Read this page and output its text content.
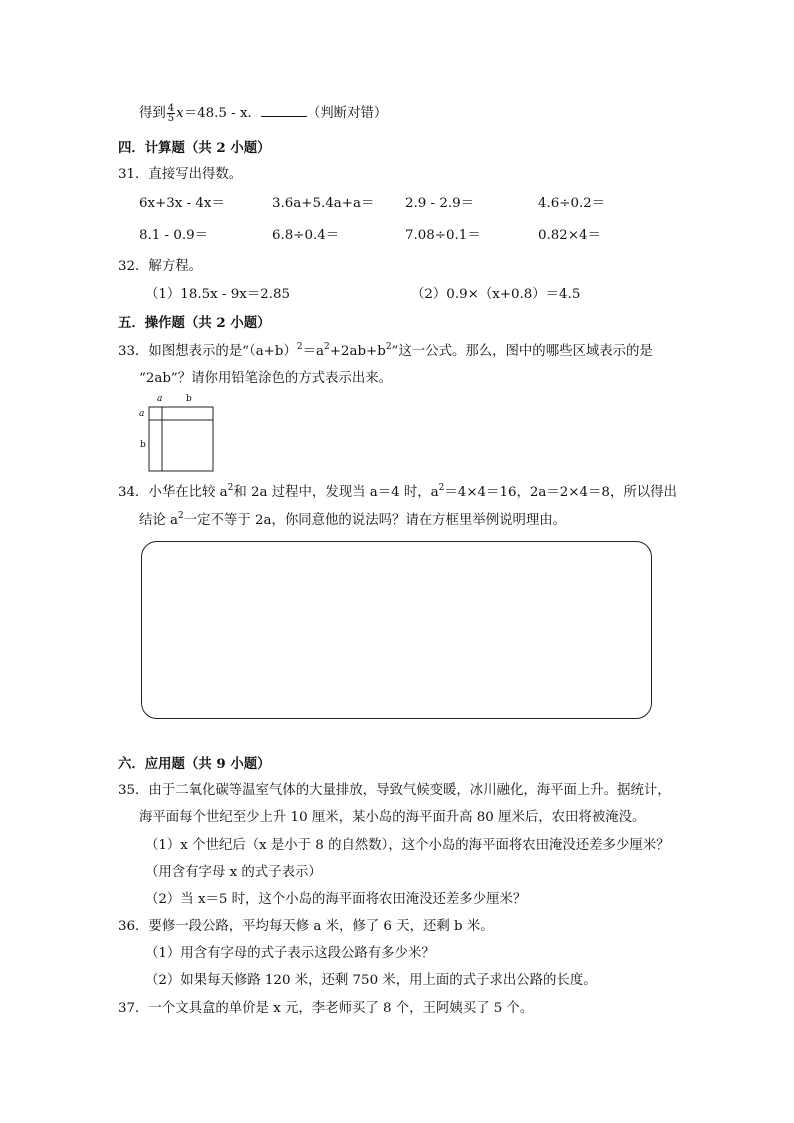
得到 $\frac{4}{5} x=48.5 - x$．	（判断对错）
四．计算题（共 2 小题）
31．直接写出得数。
6x+3x - 4x＝	3.6a+5.4a+a＝ 2.9 - 2.9＝	4.6÷0.2＝
8.1 - 0.9＝	6.8÷0.4＝	7.08÷0.1＝	0.82×4＝
32．解方程。
（1）18.5x - 9x＝2.85	（2）0.9×（x+0.8）＝4.5
五．操作题（共 2 小题）
33．如图想表示的是“$(a+b)^2=a^2+2ab+b^2$”这一公式。那么，图中的哪些区域表示的是
“2ab”？请你用铅笔涂色的方式表示出来。
a	b
a
b
34．小华在比较 $a^2$和 2a 过程中，发现当 a＝4 时，$a^2=4\times 4=16$，2a＝2×4＝8，所以得出
结论 $a^2$一定不等于 2a，你同意他的说法吗？请在方框里举例说明理由。
六．应用题（共 9 小题）
35．由于二氧化碳等温室气体的大量排放，导致气候变暖，冰川融化，海平面上升。据统计，
海平面每个世纪至少上升 10 厘米，某小岛的海平面升高 80 厘米后，农田将被淹没。
（1）x 个世纪后（x 是小于 8 的自然数），这个小岛的海平面将农田淹没还差多少厘米？
（用含有字母 x 的式子表示）
（2）当 x＝5 时，这个小岛的海平面将农田淹没还差多少厘米？
36．要修一段公路，平均每天修 a 米，修了 6 天，还剩 b 米。
（1）用含有字母的式子表示这段公路有多少米？
（2）如果每天修路 120 米，还剩 750 米，用上面的式子求出公路的长度。
37．一个文具盒的单价是 x 元，李老师买了 8 个，王阿姨买了 5 个。
